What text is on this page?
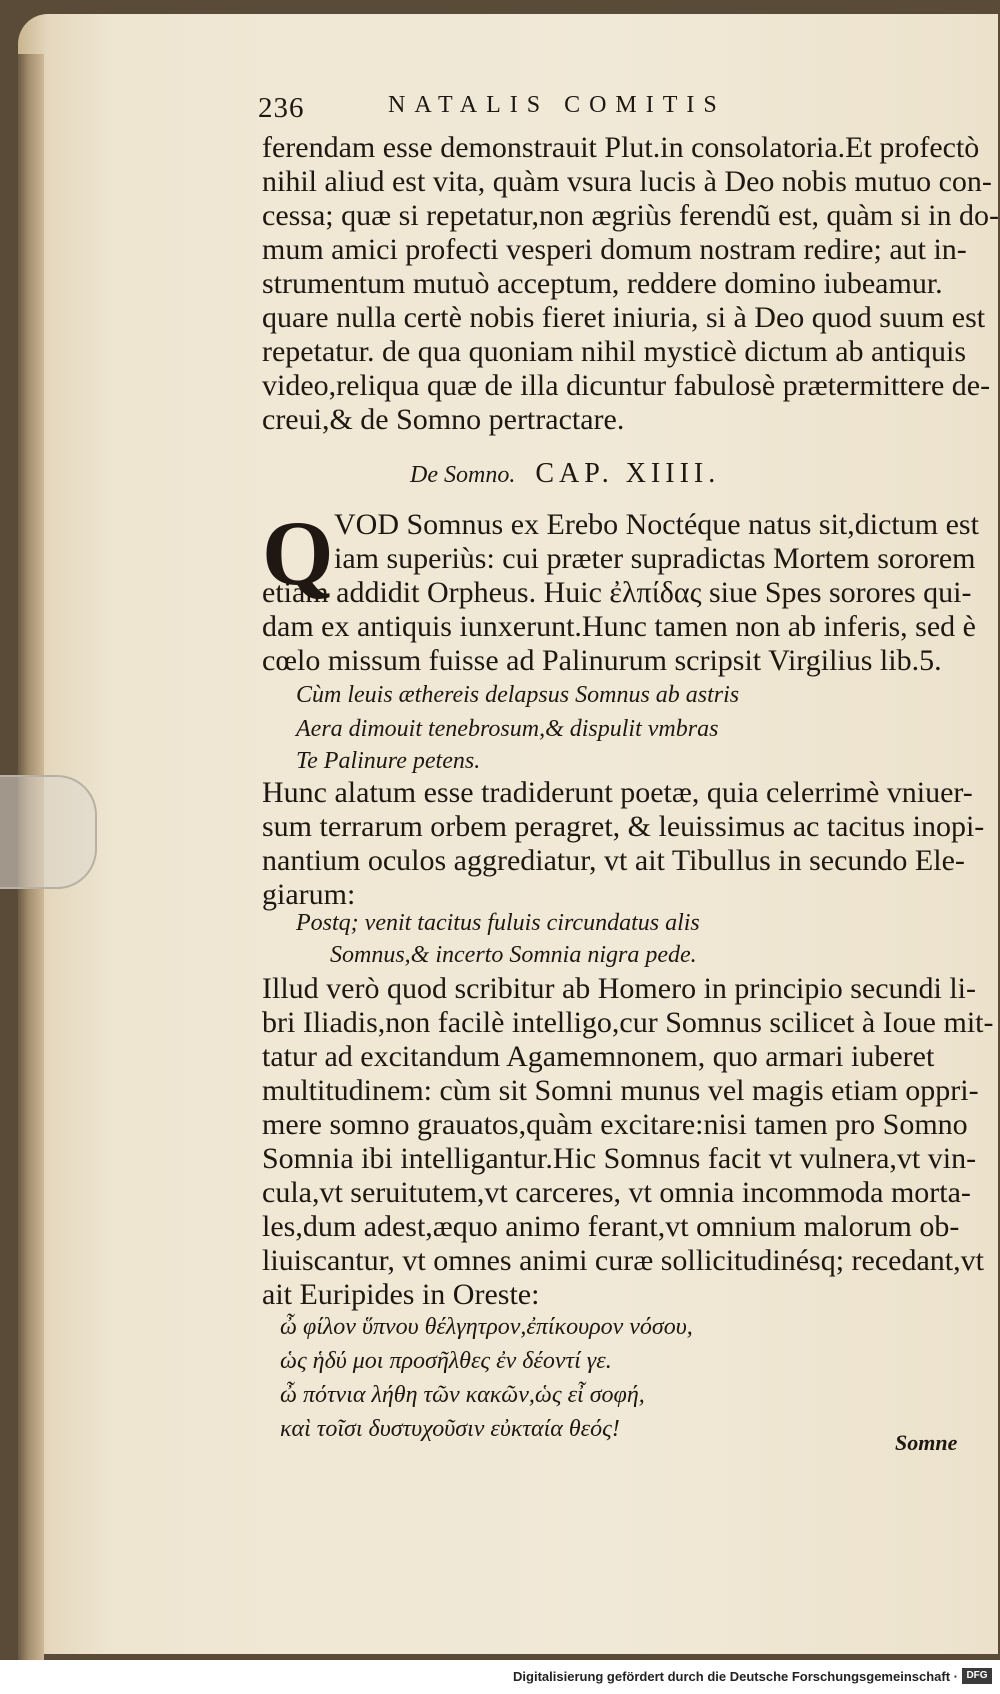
236	NATALIS COMITIS
ferendam esse demonstrauit Plut.in consolatoria.Et profectò
nihil aliud est vita, quàm vsura lucis à Deo nobis mutuo con-
cessa; quæ si repetatur,non ægriùs ferendũ est, quàm si in do-
mum amici profecti vesperi domum nostram redire; aut in-
strumentum mutuò acceptum, reddere domino iubeamur.
quare nulla certè nobis fieret iniuria, si à Deo quod suum est
repetatur. de qua quoniam nihil mysticè dictum ab antiquis
video,reliqua quæ de illa dicuntur fabulosè prætermittere de-
creui,& de Somno pertractare.
De Somno. CAP. XIIII.
Q VOD Somnus ex Erebo Noctéque natus sit,dictum est
iam superiùs: cui præter supradictas Mortem sororem
etiam addidit Orpheus. Huic ἐλπίδας siue Spes sorores qui-
dam ex antiquis iunxerunt.Hunc tamen non ab inferis, sed è
cœlo missum fuisse ad Palinurum scripsit Virgilius lib.5.
Cùm leuis æthereis delapsus Somnus ab astris
Aera dimouit tenebrosum,& dispulit vmbras
Te Palinure petens.
Hunc alatum esse tradiderunt poetæ, quia celerrimè vniuer-
sum terrarum orbem peragret, & leuissimus ac tacitus inopi-
nantium oculos aggrediatur, vt ait Tibullus in secundo Ele-
giarum:
Postq; venit tacitus fuluis circundatus alis
Somnus,& incerto Somnia nigra pede.
Illud verò quod scribitur ab Homero in principio secundi li-
bri Iliadis,non facilè intelligo,cur Somnus scilicet à Ioue mit-
tatur ad excitandum Agamemnonem, quo armari iuberet
multitudinem: cùm sit Somni munus vel magis etiam oppri-
mere somno grauatos,quàm excitare:nisi tamen pro Somno
Somnia ibi intelligantur.Hic Somnus facit vt vulnera,vt vin-
cula,vt seruitutem,vt carceres, vt omnia incommoda morta-
les,dum adest,æquo animo ferant,vt omnium malorum ob-
liuiscantur, vt omnes animi curæ sollicitudinésq; recedant,vt
ait Euripides in Oreste:
ὦ φίλον ὕπνου θέλγητρον,ἐπίκουρον νόσου,
ὡς ἡδύ μοι προσῆλθες ἐν δέοντί γε.
ὦ πότνια λήθη τῶν κακῶν,ὡς εἶ σοφή,
καὶ τοῖσι δυστυχοῦσιν εὐκταία θεός!
Somne
Digitalisierung gefördert durch die Deutsche Forschungsgemeinschaft · DFG
